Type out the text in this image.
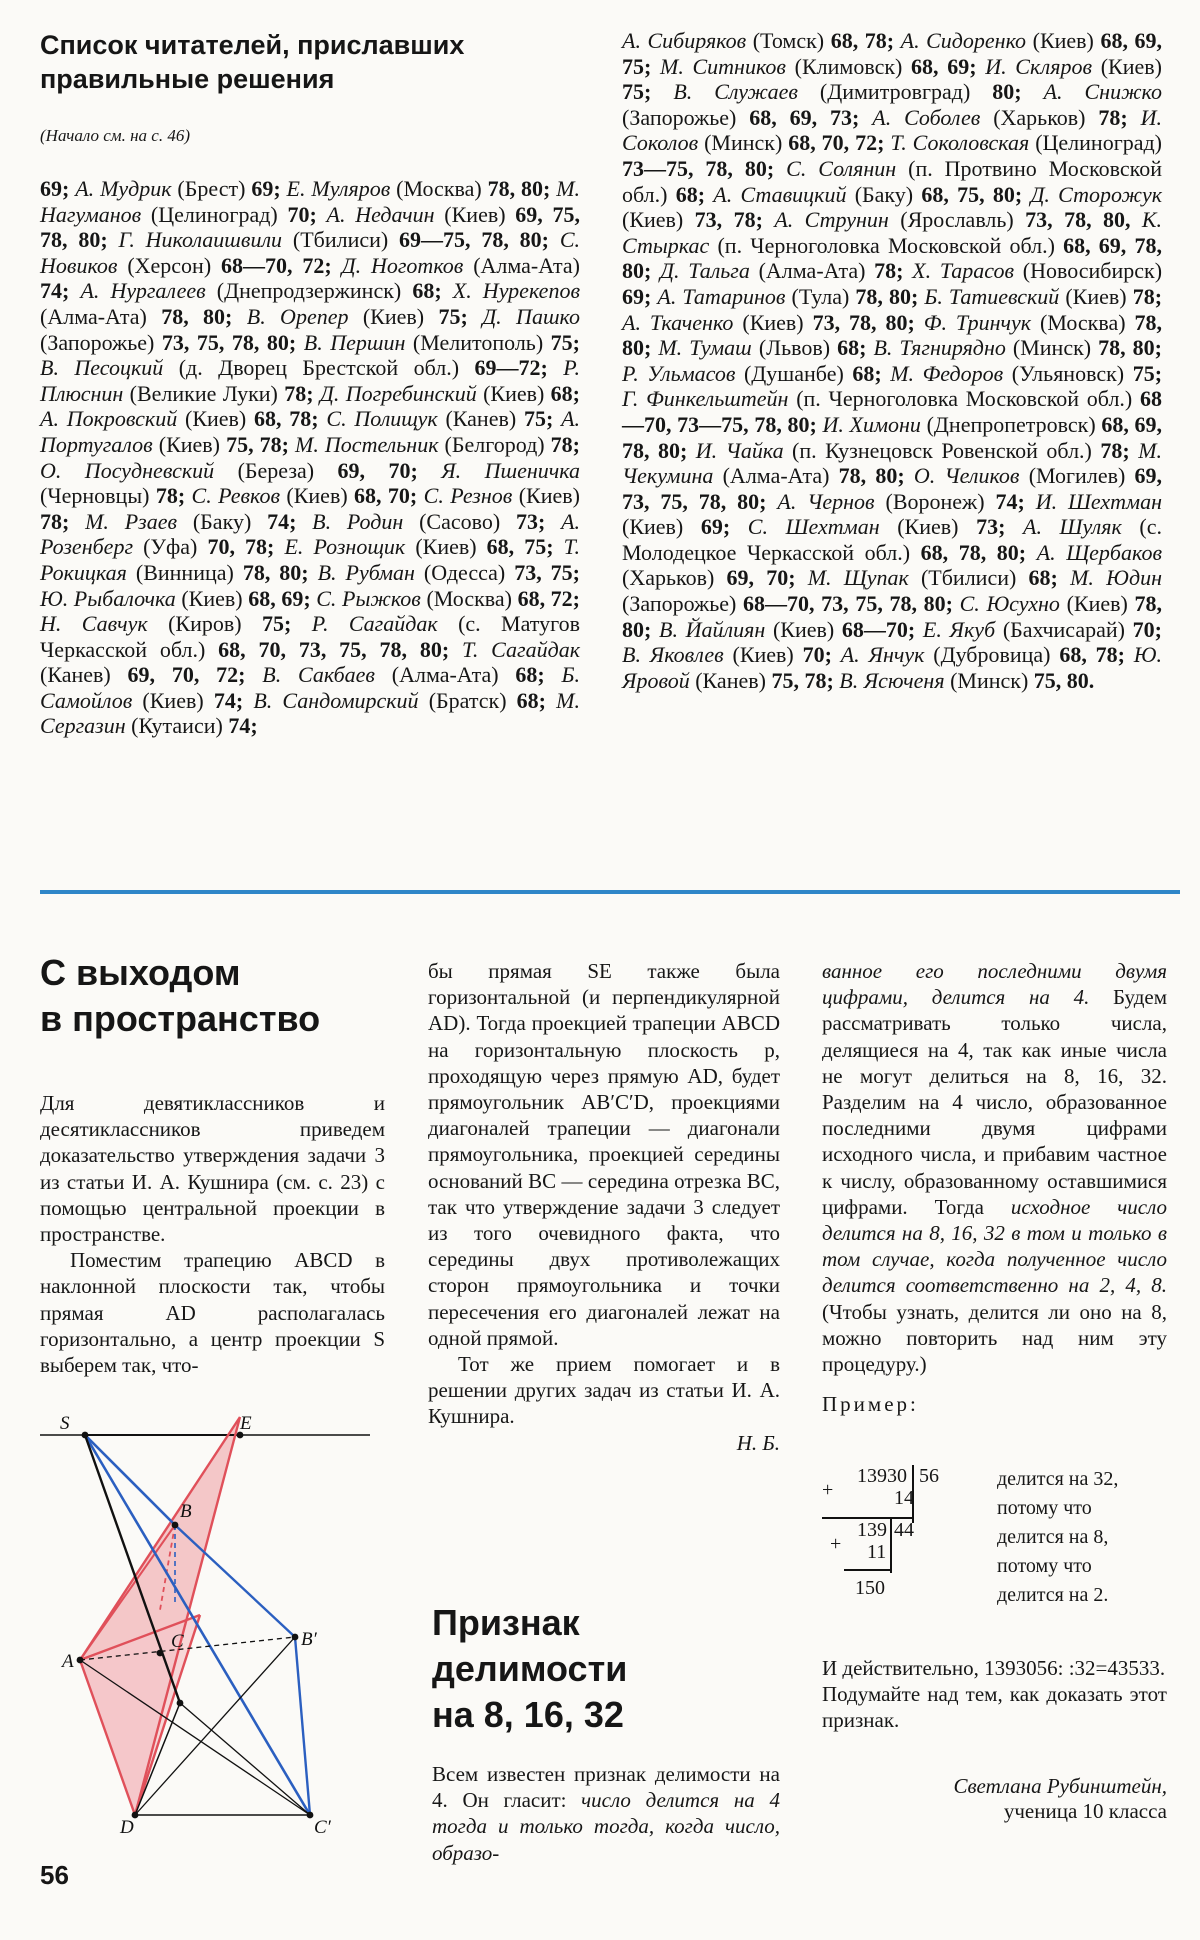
Список читателей, приславших правильные решения
(Начало см. на с. 46)

69; А. Мудрик (Брест) 69; Е. Муляров (Москва) 78, 80; М. Нагуманов (Целиноград) 70; А. Недачин (Киев) 69, 75, 78, 80; Г. Николаишвили (Тбилиси) 69—75, 78, 80; С. Новиков (Херсон) 68—70, 72; Д. Ноготков (Алма-Ата) 74; А. Нургалеев (Днепродзержинск) 68; Х. Нурекепов (Алма-Ата) 78, 80; В. Орепер (Киев) 75; Д. Пашко (Запорожье) 73, 75, 78, 80; В. Першин (Мелитополь) 75; В. Песоцкий (д. Дворец Брестской обл.) 69—72; Р. Плюснин (Великие Луки) 78; Д. Погребинский (Киев) 68; А. Покровский (Киев) 68, 78; С. Полищук (Канев) 75; А. Португалов (Киев) 75, 78; М. Постельник (Белгород) 78; О. Посудневский (Береза) 69, 70; Я. Пшеничка (Черновцы) 78; С. Ревков (Киев) 68, 70; С. Резнов (Киев) 78; М. Рзаев (Баку) 74; В. Родин (Сасово) 73; А. Розенберг (Уфа) 70, 78; Е. Рознощик (Киев) 68, 75; Т. Рокицкая (Винница) 78, 80; В. Рубман (Одесса) 73, 75; Ю. Рыбалочка (Киев) 68, 69; С. Рыжков (Москва) 68, 72; Н. Савчук (Киров) 75; Р. Сагайдак (с. Матугов Черкасской обл.) 68, 70, 73, 75, 78, 80; Т. Сагайдак (Канев) 69, 70, 72; В. Сакбаев (Алма-Ата) 68; Б. Самойлов (Киев) 74; В. Сандомирский (Братск) 68; М. Сергазин (Кутаиси) 74;

А. Сибиряков (Томск) 68, 78; А. Сидоренко (Киев) 68, 69, 75; М. Ситников (Климовск) 68, 69; И. Скляров (Киев) 75; В. Служаев (Димитровград) 80; А. Снижко (Запорожье) 68, 69, 73; А. Соболев (Харьков) 78; И. Соколов (Минск) 68, 70, 72; Т. Соколовская (Целиноград) 73—75, 78, 80; С. Солянин (п. Протвино Московской обл.) 68; А. Ставицкий (Баку) 68, 75, 80; Д. Сторожук (Киев) 73, 78; А. Струнин (Ярославль) 73, 78, 80, К. Стыркас (п. Черноголовка Московской обл.) 68, 69, 78, 80; Д. Тальга (Алма-Ата) 78; Х. Тарасов (Новосибирск) 69; А. Татаринов (Тула) 78, 80; Б. Татиевский (Киев) 78; А. Ткаченко (Киев) 73, 78, 80; Ф. Тринчук (Москва) 78, 80; М. Тумаш (Львов) 68; В. Тягнирядно (Минск) 78, 80; Р. Ульмасов (Душанбе) 68; М. Федоров (Ульяновск) 75; Г. Финкельштейн (п. Черноголовка Московской обл.) 68—70, 73—75, 78, 80; И. Химони (Днепропетровск) 68, 69, 78, 80; И. Чайка (п. Кузнецовск Ровенской обл.) 78; М. Чекумина (Алма-Ата) 78, 80; О. Челиков (Могилев) 69, 73, 75, 78, 80; А. Чернов (Воронеж) 74; И. Шехтман (Киев) 69; С. Шехтман (Киев) 73; А. Шуляк (с. Молодецкое Черкасской обл.) 68, 78, 80; А. Щербаков (Харьков) 69, 70; М. Щупак (Тбилиси) 68; М. Юдин (Запорожье) 68—70, 73, 75, 78, 80; С. Юсухно (Киев) 78, 80; В. Йайлиян (Киев) 68—70; Е. Якуб (Бахчисарай) 70; В. Яковлев (Киев) 70; А. Янчук (Дубровица) 68, 78; Ю. Яровой (Канев) 75, 78; В. Ясюченя (Минск) 75, 80.

С выходом
в пространство

Для девятиклассников и десятиклассников приведем доказательство утверждения задачи 3 из статьи И. А. Кушнира (см. с. 23) с помощью центральной проекции в пространстве.

Поместим трапецию ABCD в наклонной плоскости так, чтобы прямая AD располагалась горизонтально, а центр проекции S выберем так, что-

S	E
B
A
C	B′
D	C′

бы прямая SE также была горизонтальной (и перпендикулярной AD). Тогда проекцией трапеции ABCD на горизонтальную плоскость p, проходящую через прямую AD, будет прямоугольник AB′C′D, проекциями диагоналей трапеции — диагонали прямоугольника, проекцией середины оснований BC — середина отрезка BC, так что утверждение задачи 3 следует из того очевидного факта, что середины двух противолежащих сторон прямоугольника и точки пересечения его диагоналей лежат на одной прямой.

Тот же прием помогает и в решении других задач из статьи И. А. Кушнира.

Н. Б.

Признак
делимости
на 8, 16, 32

Всем известен признак делимости на 4. Он гласит: число делится на 4 тогда и только тогда, когда число, образо-

ванное его последними двумя цифрами, делится на 4. Будем рассматривать только числа, делящиеся на 4, так как иные числа не могут делиться на 8, 16, 32. Разделим на 4 число, образованное последними двумя цифрами исходного числа, и прибавим частное к числу, образованному оставшимися цифрами. Тогда исходное число делится на 8, 16, 32 в том и только в том случае, когда полученное число делится соответственно на 2, 4, 8. (Чтобы узнать, делится ли оно на 8, можно повторить над ним эту процедуру.)

Пример:

+
13930 56
14
+
139 44
11
150
делится на 32,
потому что
делится на 8,
потому что
делится на 2.

И действительно, 1393056: :32=43533.

Подумайте над тем, как доказать этот признак.

Светлана Рубинштейн,

ученица 10 класса

56
